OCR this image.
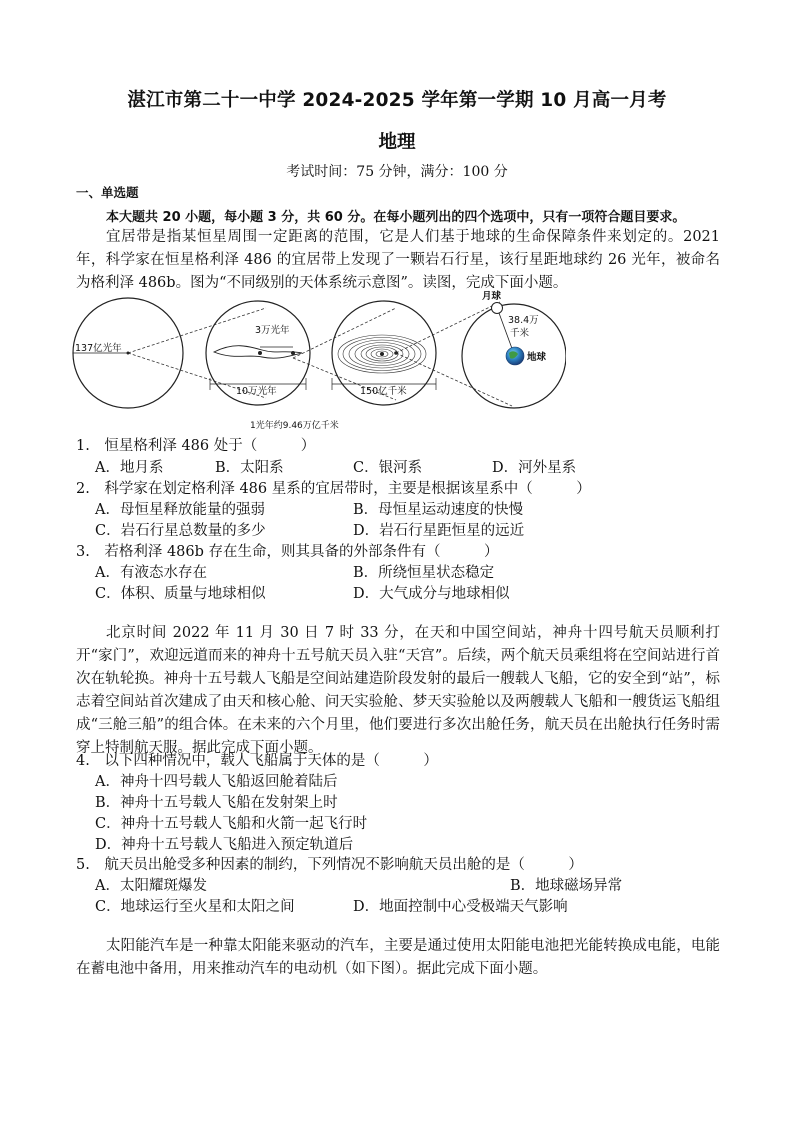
湛江市第二十一中学 2024-2025 学年第一学期 10 月高一月考
地理
考试时间：75 分钟，满分：100 分
一、单选题
本大题共 20 小题，每小题 3 分，共 60 分。在每小题列出的四个选项中，只有一项符合题目要求。
宜居带是指某恒星周围一定距离的范围，它是人们基于地球的生命保障条件来划定的。2021 年，科学家在恒星格利泽 486 的宜居带上发现了一颗岩石行星，该行星距地球约 26 光年，被命名为格利泽 486b。图为“不同级别的天体系统示意图”。读图，完成下面小题。
137亿光年
3万光年
10万光年	150亿千米
月球
38.4万
千米
地球
1光年约9.46万亿千米
1.　恒星格利泽 486 处于（　　　）
A．地月系	B．太阳系	C．银河系	D．河外星系
2.　科学家在划定格利泽 486 星系的宜居带时，主要是根据该星系中（　　　）
A．母恒星释放能量的强弱	B．母恒星运动速度的快慢
C．岩石行星总数量的多少	D．岩石行星距恒星的远近
3.　若格利泽 486b 存在生命，则其具备的外部条件有（　　　）
A．有液态水存在	B．所绕恒星状态稳定
C．体积、质量与地球相似	D．大气成分与地球相似
北京时间 2022 年 11 月 30 日 7 时 33 分，在天和中国空间站，神舟十四号航天员顺利打开“家门”，欢迎远道而来的神舟十五号航天员入驻“天宫”。后续，两个航天员乘组将在空间站进行首次在轨轮换。神舟十五号载人飞船是空间站建造阶段发射的最后一艘载人飞船，它的安全到“站”，标志着空间站首次建成了由天和核心舱、问天实验舱、梦天实验舱以及两艘载人飞船和一艘货运飞船组成“三舱三船”的组合体。在未来的六个月里，他们要进行多次出舱任务，航天员在出舱执行任务时需穿上特制航天服。据此完成下面小题。
4.　以下四种情况中，载人飞船属于天体的是（　　　）
A．神舟十四号载人飞船返回舱着陆后
B．神舟十五号载人飞船在发射架上时
C．神舟十五号载人飞船和火箭一起飞行时
D．神舟十五号载人飞船进入预定轨道后
5.　航天员出舱受多种因素的制约，下列情况不影响航天员出舱的是（　　　）
A．太阳耀斑爆发	B．地球磁场异常
C．地球运行至火星和太阳之间	D．地面控制中心受极端天气影响
太阳能汽车是一种靠太阳能来驱动的汽车，主要是通过使用太阳能电池把光能转换成电能，电能在蓄电池中备用，用来推动汽车的电动机（如下图）。据此完成下面小题。
